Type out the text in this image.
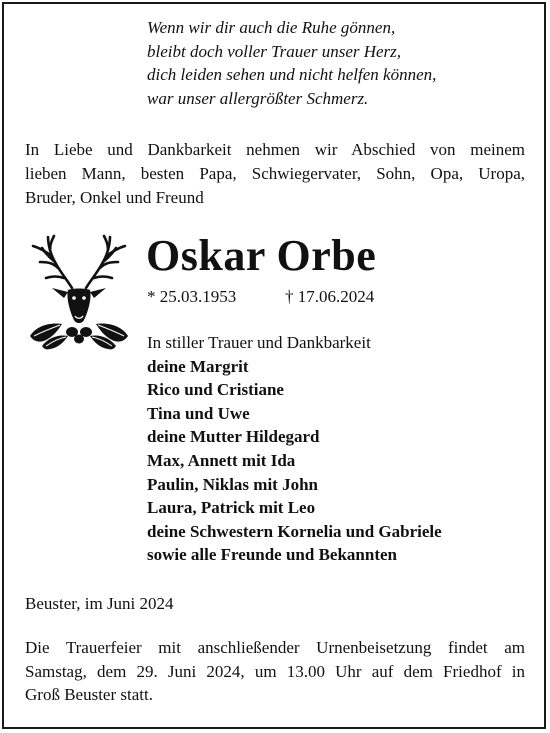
Wenn wir dir auch die Ruhe gönnen,
bleibt doch voller Trauer unser Herz,
dich leiden sehen und nicht helfen können,
war unser allergrößter Schmerz.
In Liebe und Dankbarkeit nehmen wir Abschied von meinem
lieben Mann, besten Papa, Schwiegervater, Sohn, Opa, Uropa,
Bruder, Onkel und Freund
Oskar Orbe
* 25.03.1953	† 17.06.2024
In stiller Trauer und Dankbarkeit
deine Margrit
Rico und Cristiane
Tina und Uwe
deine Mutter Hildegard
Max, Annett mit Ida
Paulin, Niklas mit John
Laura, Patrick mit Leo
deine Schwestern Kornelia und Gabriele
sowie alle Freunde und Bekannten
Beuster, im Juni 2024
Die Trauerfeier mit anschließender Urnenbeisetzung findet am
Samstag, dem 29. Juni 2024, um 13.00 Uhr auf dem Friedhof in
Groß Beuster statt.
